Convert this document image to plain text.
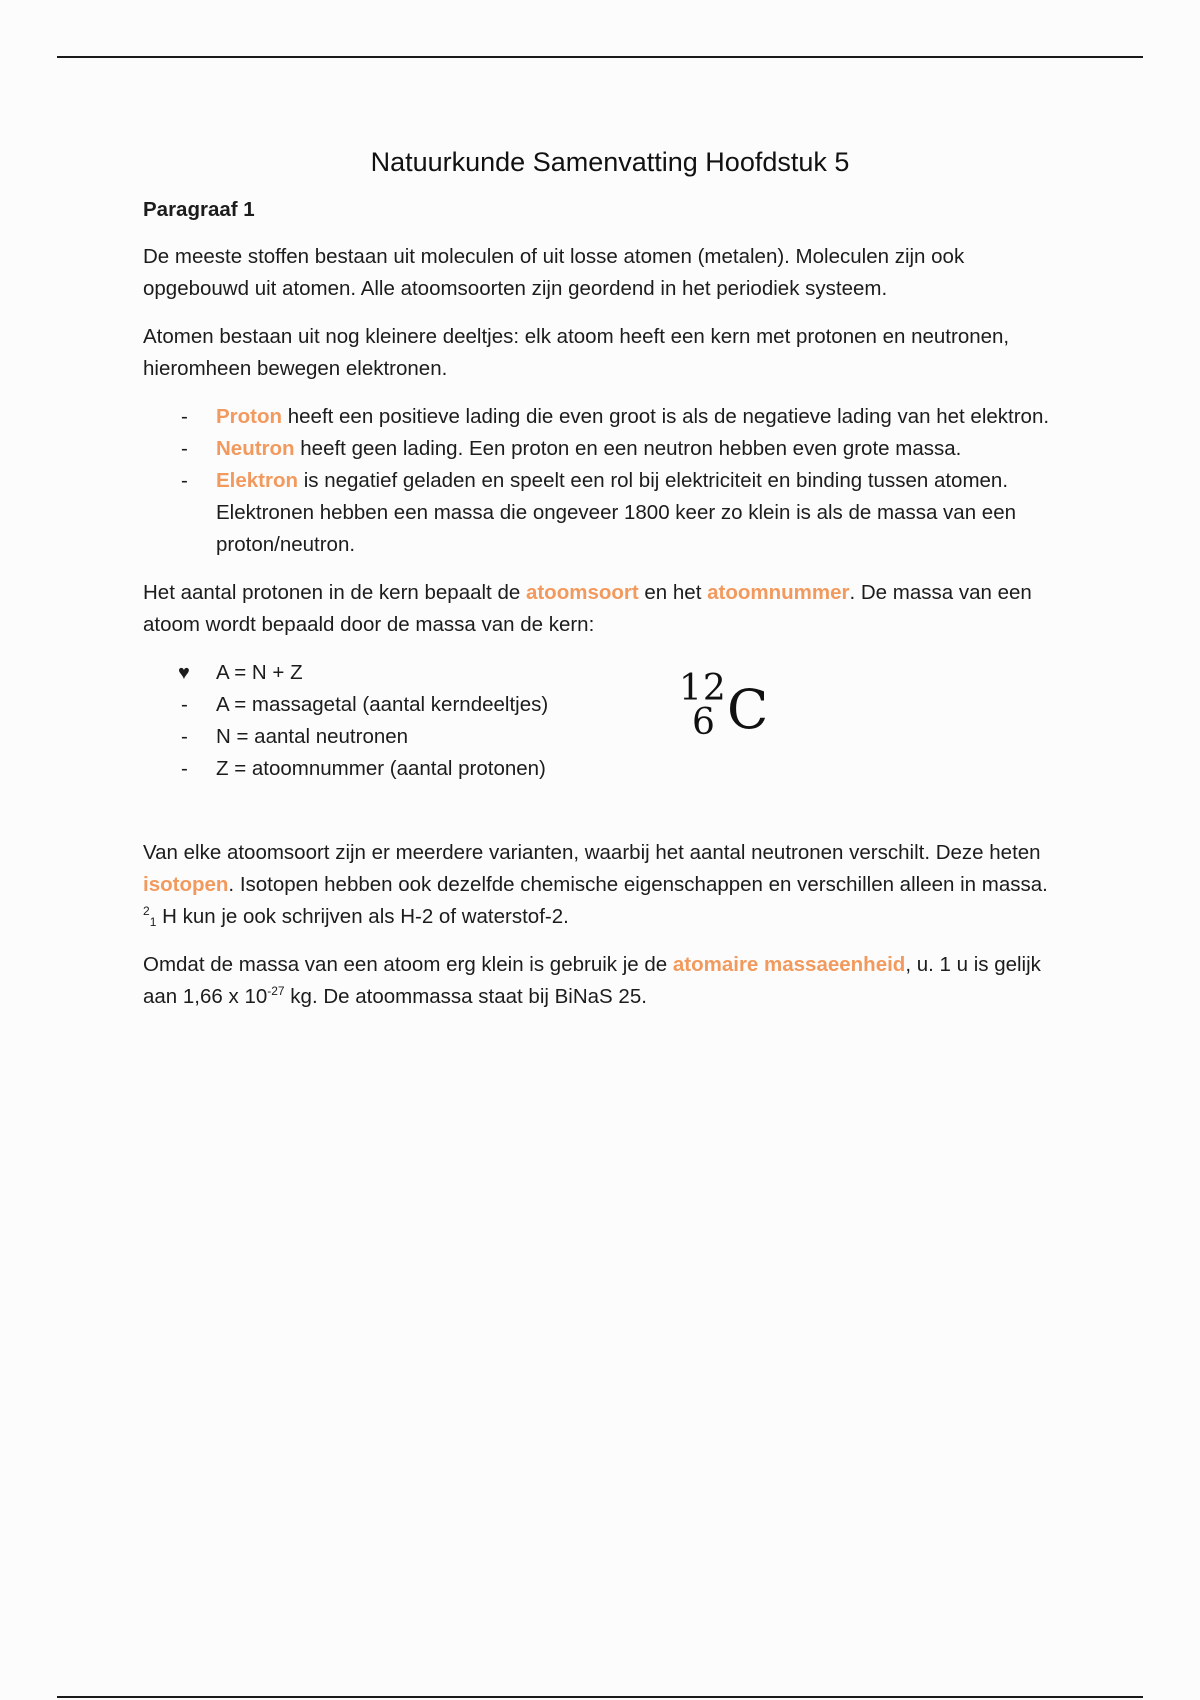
Natuurkunde Samenvatting Hoofdstuk 5
Paragraaf 1

De meeste stoffen bestaan uit moleculen of uit losse atomen (metalen). Moleculen zijn ook opgebouwd uit atomen. Alle atoomsoorten zijn geordend in het periodiek systeem.

Atomen bestaan uit nog kleinere deeltjes: elk atoom heeft een kern met protonen en neutronen, hieromheen bewegen elektronen.

- Proton heeft een positieve lading die even groot is als de negatieve lading van het elektron.
- Neutron heeft geen lading. Een proton en een neutron hebben even grote massa.
- Elektron is negatief geladen en speelt een rol bij elektriciteit en binding tussen atomen. Elektronen hebben een massa die ongeveer 1800 keer zo klein is als de massa van een proton/neutron.

Het aantal protonen in de kern bepaalt de atoomsoort en het atoomnummer. De massa van een atoom wordt bepaald door de massa van de kern:

♥ A = N + Z
- A = massagetal (aantal kerndeeltjes)
- N = aantal neutronen
- Z = atoomnummer (aantal protonen)
12
6 C

Van elke atoomsoort zijn er meerdere varianten, waarbij het aantal neutronen verschilt. Deze heten isotopen. Isotopen hebben ook dezelfde chemische eigenschappen en verschillen alleen in massa. $^2$1 H kun je ook schrijven als H-2 of waterstof-2.

Omdat de massa van een atoom erg klein is gebruik je de atomaire massaeenheid, u. 1 u is gelijk aan 1,66 x $10^{-27}$ kg. De atoommassa staat bij BiNaS 25.
